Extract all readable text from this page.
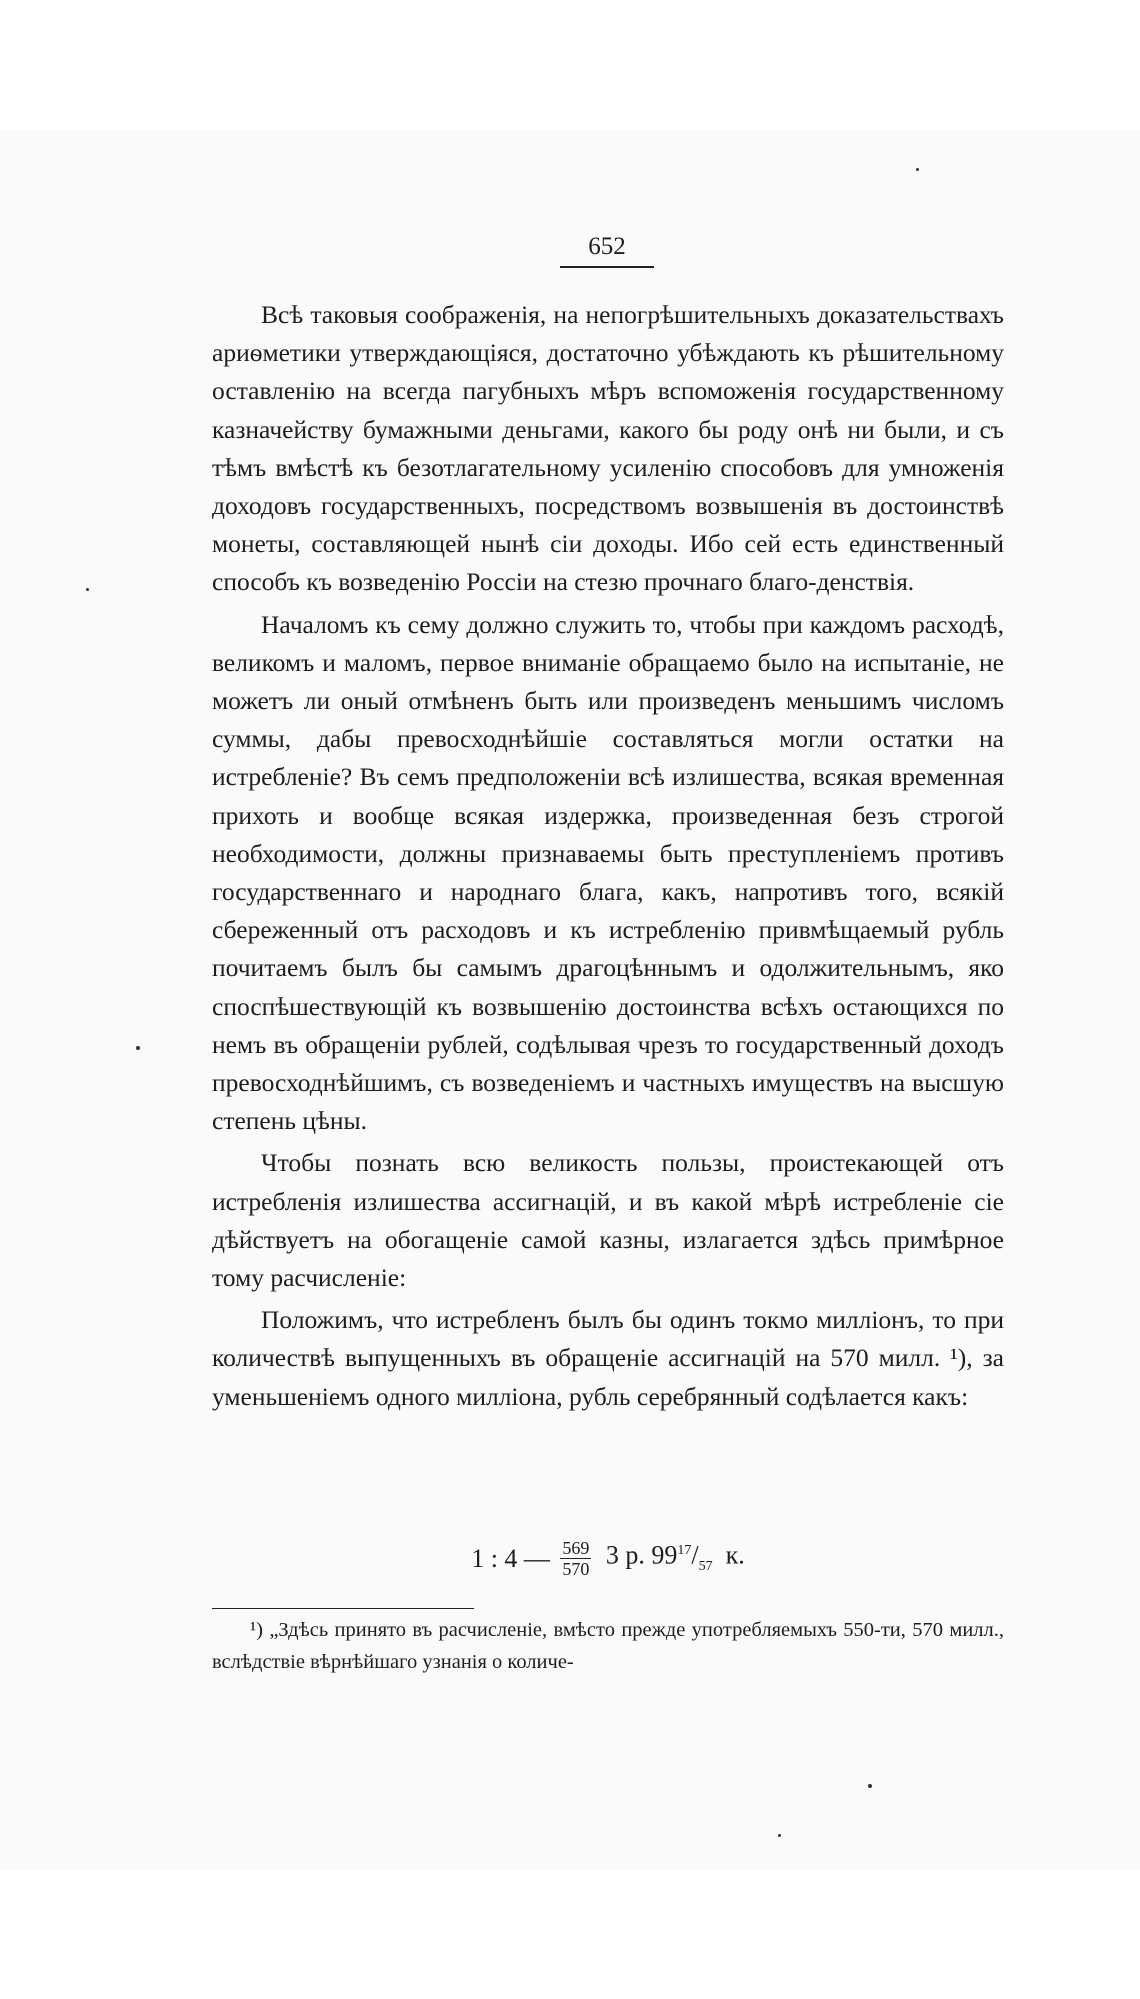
652

Всѣ таковыя соображенія, на непогрѣшительныхъ доказательствахъ ариѳметики утверждающіяся, достаточно убѣждають къ рѣшительному оставленію на всегда пагубныхъ мѣръ вспоможенія государственному казначейству бумажными деньгами, какого бы роду онѣ ни были, и съ тѣмъ вмѣстѣ къ безотлагательному усиленію способовъ для умноженія доходовъ государственныхъ, посредствомъ возвышенія въ достоинствѣ монеты, составляющей нынѣ сіи доходы. Ибо сей есть единственный способъ къ возведенію Россіи на стезю прочнаго благо-денствія.

Началомъ къ сему должно служить то, чтобы при каждомъ расходѣ, великомъ и маломъ, первое вниманіе обращаемо было на испытаніе, не можетъ ли оный отмѣненъ быть или произведенъ меньшимъ числомъ суммы, дабы превосходнѣйшіе составляться могли остатки на истребленіе? Въ семъ предположеніи всѣ излишества, всякая временная прихоть и вообще всякая издержка, произведенная безъ строгой необходимости, должны признаваемы быть преступленіемъ противъ государственнаго и народнаго блага, какъ, напротивъ того, всякій сбереженный отъ расходовъ и къ истребленію привмѣщаемый рубль почитаемъ былъ бы самымъ драгоцѣннымъ и одолжительнымъ, яко споспѣшествующій къ возвышенію достоинства всѣхъ остающихся по немъ въ обращеніи рублей, содѣлывая чрезъ то государственный доходъ превосходнѣйшимъ, съ возведеніемъ и частныхъ имуществъ на высшую степень цѣны.

Чтобы познать всю великость пользы, проистекающей отъ истребленія излишества ассигнацій, и въ какой мѣрѣ истребленіе сіе дѣйствуетъ на обогащеніе самой казны, излагается здѣсь примѣрное тому расчисленіе:

Положимъ, что истребленъ былъ бы одинъ токмо милліонъ, то при количествѣ выпущенныхъ въ обращеніе ассигнацій на 570 милл. ¹), за уменьшеніемъ одного милліона, рубль серебрянный содѣлается какъ:

1 : 4 — $\frac{569}{570} 3$ р. $99^{17}/_{57}$ к.

¹) „Здѣсь принято въ расчисленіе, вмѣсто прежде употребляемыхъ 550-ти, 570 милл., вслѣдствіе вѣрнѣйшаго узнанія о количе-
